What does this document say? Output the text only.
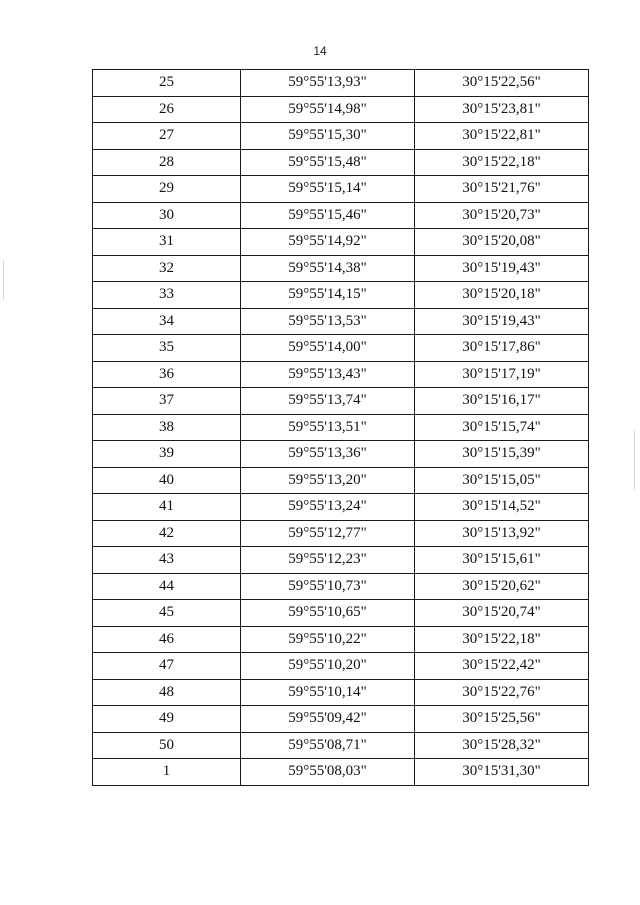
14
25	59°55'13,93"	30°15'22,56"
26	59°55'14,98"	30°15'23,81"
27	59°55'15,30"	30°15'22,81"
28	59°55'15,48"	30°15'22,18"
29	59°55'15,14"	30°15'21,76"
30	59°55'15,46"	30°15'20,73"
31	59°55'14,92"	30°15'20,08"
32	59°55'14,38"	30°15'19,43"
33	59°55'14,15"	30°15'20,18"
34	59°55'13,53"	30°15'19,43"
35	59°55'14,00"	30°15'17,86"
36	59°55'13,43"	30°15'17,19"
37	59°55'13,74"	30°15'16,17"
38	59°55'13,51"	30°15'15,74"
39	59°55'13,36"	30°15'15,39"
40	59°55'13,20"	30°15'15,05"
41	59°55'13,24"	30°15'14,52"
42	59°55'12,77"	30°15'13,92"
43	59°55'12,23"	30°15'15,61"
44	59°55'10,73"	30°15'20,62"
45	59°55'10,65"	30°15'20,74"
46	59°55'10,22"	30°15'22,18"
47	59°55'10,20"	30°15'22,42"
48	59°55'10,14"	30°15'22,76"
49	59°55'09,42"	30°15'25,56"
50	59°55'08,71"	30°15'28,32"
1	59°55'08,03"	30°15'31,30"
